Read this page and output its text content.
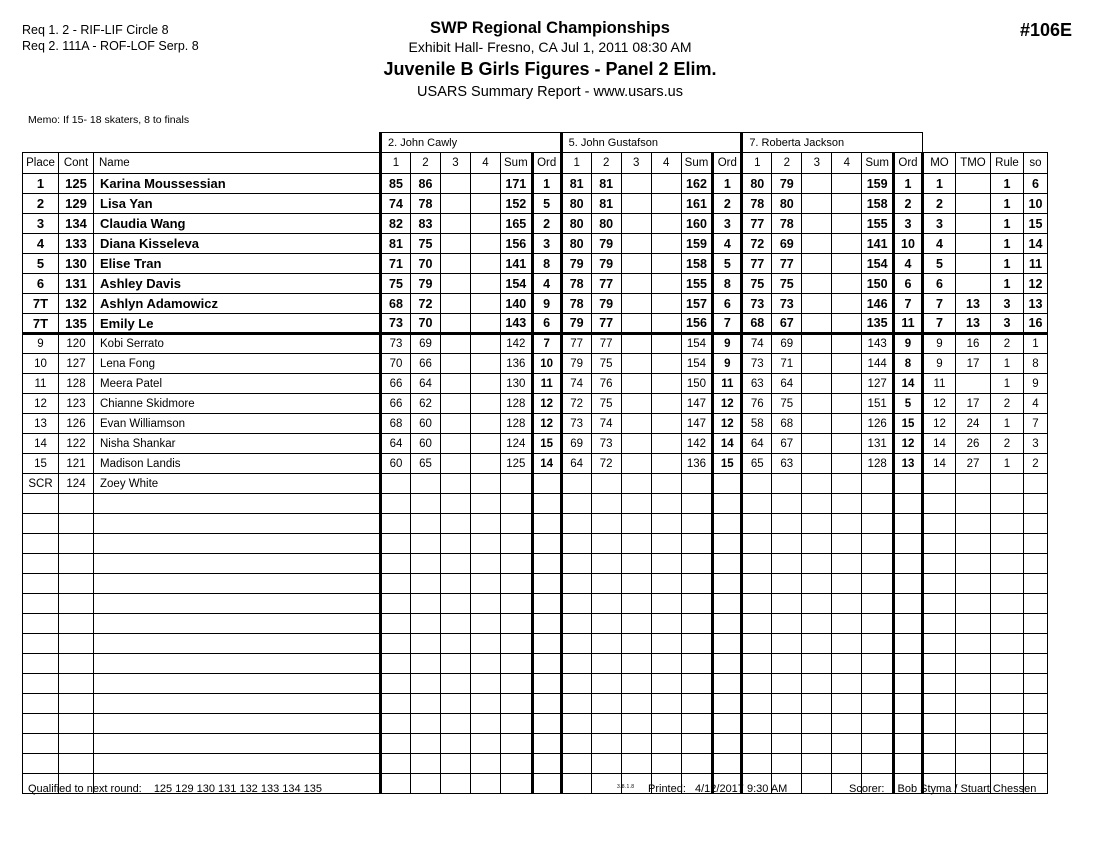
Req 1. 2 - RIF-LIF Circle 8
Req 2. 111A - ROF-LOF Serp. 8
Memo: If 15- 18 skaters, 8 to finals
SWP Regional Championships
Exhibit Hall- Fresno, CA Jul 1, 2011 08:30 AM
Juvenile B Girls Figures - Panel 2 Elim.
USARS Summary Report - www.usars.us
#106E
			2. John Cawly						5. John Gustafson						7. Roberta Jackson									
Place	Cont	Name	1	2	3	4	Sum	Ord	1	2	3	4	Sum	Ord	1	2	3	4	Sum	Ord	MO	TMO	Rule	so
1	125	Karina Moussessian	85	86			171	1	81	81			162	1	80	79			159	1	1		1	6
2	129	Lisa Yan	74	78			152	5	80	81			161	2	78	80			158	2	2		1	10
3	134	Claudia Wang	82	83			165	2	80	80			160	3	77	78			155	3	3		1	15
4	133	Diana Kisseleva	81	75			156	3	80	79			159	4	72	69			141	10	4		1	14
5	130	Elise Tran	71	70			141	8	79	79			158	5	77	77			154	4	5		1	11
6	131	Ashley Davis	75	79			154	4	78	77			155	8	75	75			150	6	6		1	12
7T	132	Ashlyn Adamowicz	68	72			140	9	78	79			157	6	73	73			146	7	7	13	3	13
7T	135	Emily Le	73	70			143	6	79	77			156	7	68	67			135	11	7	13	3	16
9	120	Kobi Serrato	73	69			142	7	77	77			154	9	74	69			143	9	9	16	2	1
10	127	Lena Fong	70	66			136	10	79	75			154	9	73	71			144	8	9	17	1	8
11	128	Meera Patel	66	64			130	11	74	76			150	11	63	64			127	14	11		1	9
12	123	Chianne Skidmore	66	62			128	12	72	75			147	12	76	75			151	5	12	17	2	4
13	126	Evan Williamson	68	60			128	12	73	74			147	12	58	68			126	15	12	24	1	7
14	122	Nisha Shankar	64	60			124	15	69	73			142	14	64	67			131	12	14	26	2	3
15	121	Madison Landis	60	65			125	14	64	72			136	15	65	63			128	13	14	27	1	2
SCR	124	Zoey White																						

Qualified to next round: 125 129 130 131 132 133 134 135	3.8.1.8 Printed: 4/12/2017 9:30 AM	Scorer: Bob Styma / Stuart Chessen
